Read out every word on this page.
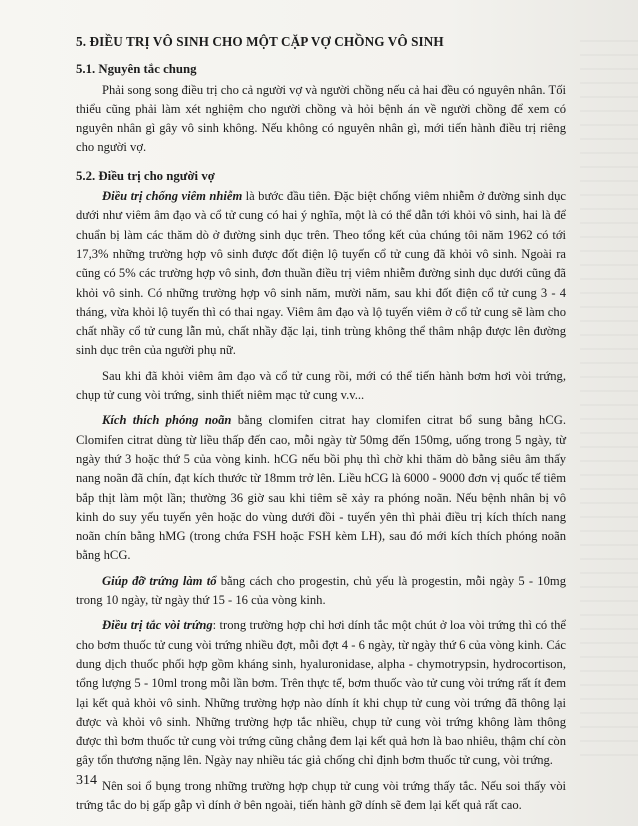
5. ĐIỀU TRỊ VÔ SINH CHO MỘT CẶP VỢ CHỒNG VÔ SINH
5.1. Nguyên tắc chung

Phải song song điều trị cho cả người vợ và người chồng nếu cả hai đều có nguyên nhân. Tối thiểu cũng phải làm xét nghiệm cho người chồng và hỏi bệnh án về người chồng để xem có nguyên nhân gì gây vô sinh không. Nếu không có nguyên nhân gì, mới tiến hành điều trị riêng cho người vợ.

5.2. Điều trị cho người vợ

Điều trị chống viêm nhiễm là bước đầu tiên. Đặc biệt chống viêm nhiễm ở đường sinh dục dưới như viêm âm đạo và cổ tử cung có hai ý nghĩa, một là có thể dẫn tới khỏi vô sinh, hai là để chuẩn bị làm các thăm dò ở đường sinh dục trên. Theo tổng kết của chúng tôi năm 1962 có tới 17,3% những trường hợp vô sinh được đốt điện lộ tuyến cổ tử cung đã khỏi vô sinh. Ngoài ra cũng có 5% các trường hợp vô sinh, đơn thuần điều trị viêm nhiễm đường sinh dục dưới cũng đã khỏi vô sinh. Có những trường hợp vô sinh năm, mười năm, sau khi đốt điện cổ tử cung 3 - 4 tháng, vừa khỏi lộ tuyến thì có thai ngay. Viêm âm đạo và lộ tuyến viêm ở cổ tử cung sẽ làm cho chất nhầy cổ tử cung lẫn mủ, chất nhầy đặc lại, tinh trùng không thể thâm nhập được lên đường sinh dục trên của người phụ nữ.

Sau khi đã khỏi viêm âm đạo và cổ tử cung rồi, mới có thể tiến hành bơm hơi vòi trứng, chụp tử cung vòi trứng, sinh thiết niêm mạc tử cung v.v...

Kích thích phóng noãn bằng clomifen citrat hay clomifen citrat bổ sung bằng hCG. Clomifen citrat dùng từ liều thấp đến cao, mỗi ngày từ 50mg đến 150mg, uống trong 5 ngày, từ ngày thứ 3 hoặc thứ 5 của vòng kinh. hCG nếu bồi phụ thì chờ khi thăm dò bằng siêu âm thấy nang noãn đã chín, đạt kích thước từ 18mm trở lên. Liều hCG là 6000 - 9000 đơn vị quốc tế tiêm bắp thịt làm một lần; thường 36 giờ sau khi tiêm sẽ xảy ra phóng noãn. Nếu bệnh nhân bị vô kinh do suy yếu tuyến yên hoặc do vùng dưới đồi - tuyến yên thì phải điều trị kích thích nang noãn chín bằng hMG (trong chứa FSH hoặc FSH kèm LH), sau đó mới kích thích phóng noãn bằng hCG.

Giúp đỡ trứng làm tổ bằng cách cho progestin, chủ yếu là progestin, mỗi ngày 5 - 10mg trong 10 ngày, từ ngày thứ 15 - 16 của vòng kinh.

Điều trị tắc vòi trứng: trong trường hợp chỉ hơi dính tắc một chút ở loa vòi trứng thì có thể cho bơm thuốc tử cung vòi trứng nhiều đợt, mỗi đợt 4 - 6 ngày, từ ngày thứ 6 của vòng kinh. Các dung dịch thuốc phối hợp gồm kháng sinh, hyaluronidase, alpha - chymotrypsin, hydrocortison, tổng lượng 5 - 10ml trong mỗi lần bơm. Trên thực tế, bơm thuốc vào tử cung vòi trứng rất ít đem lại kết quả khỏi vô sinh. Những trường hợp nào dính ít khi chụp tử cung vòi trứng đã thông lại được và khỏi vô sinh. Những trường hợp tắc nhiều, chụp tử cung vòi trứng không làm thông được thì bơm thuốc tử cung vòi trứng cũng chẳng đem lại kết quả hơn là bao nhiêu, thậm chí còn gây tổn thương nặng lên. Ngày nay nhiều tác giả chống chỉ định bơm thuốc tử cung, vòi trứng.

Nên soi ổ bụng trong những trường hợp chụp tử cung vòi trứng thấy tắc. Nếu soi thấy vòi trứng tắc do bị gấp gẫp vì dính ở bên ngoài, tiến hành gỡ dính sẽ đem lại kết quả rất cao.

314
